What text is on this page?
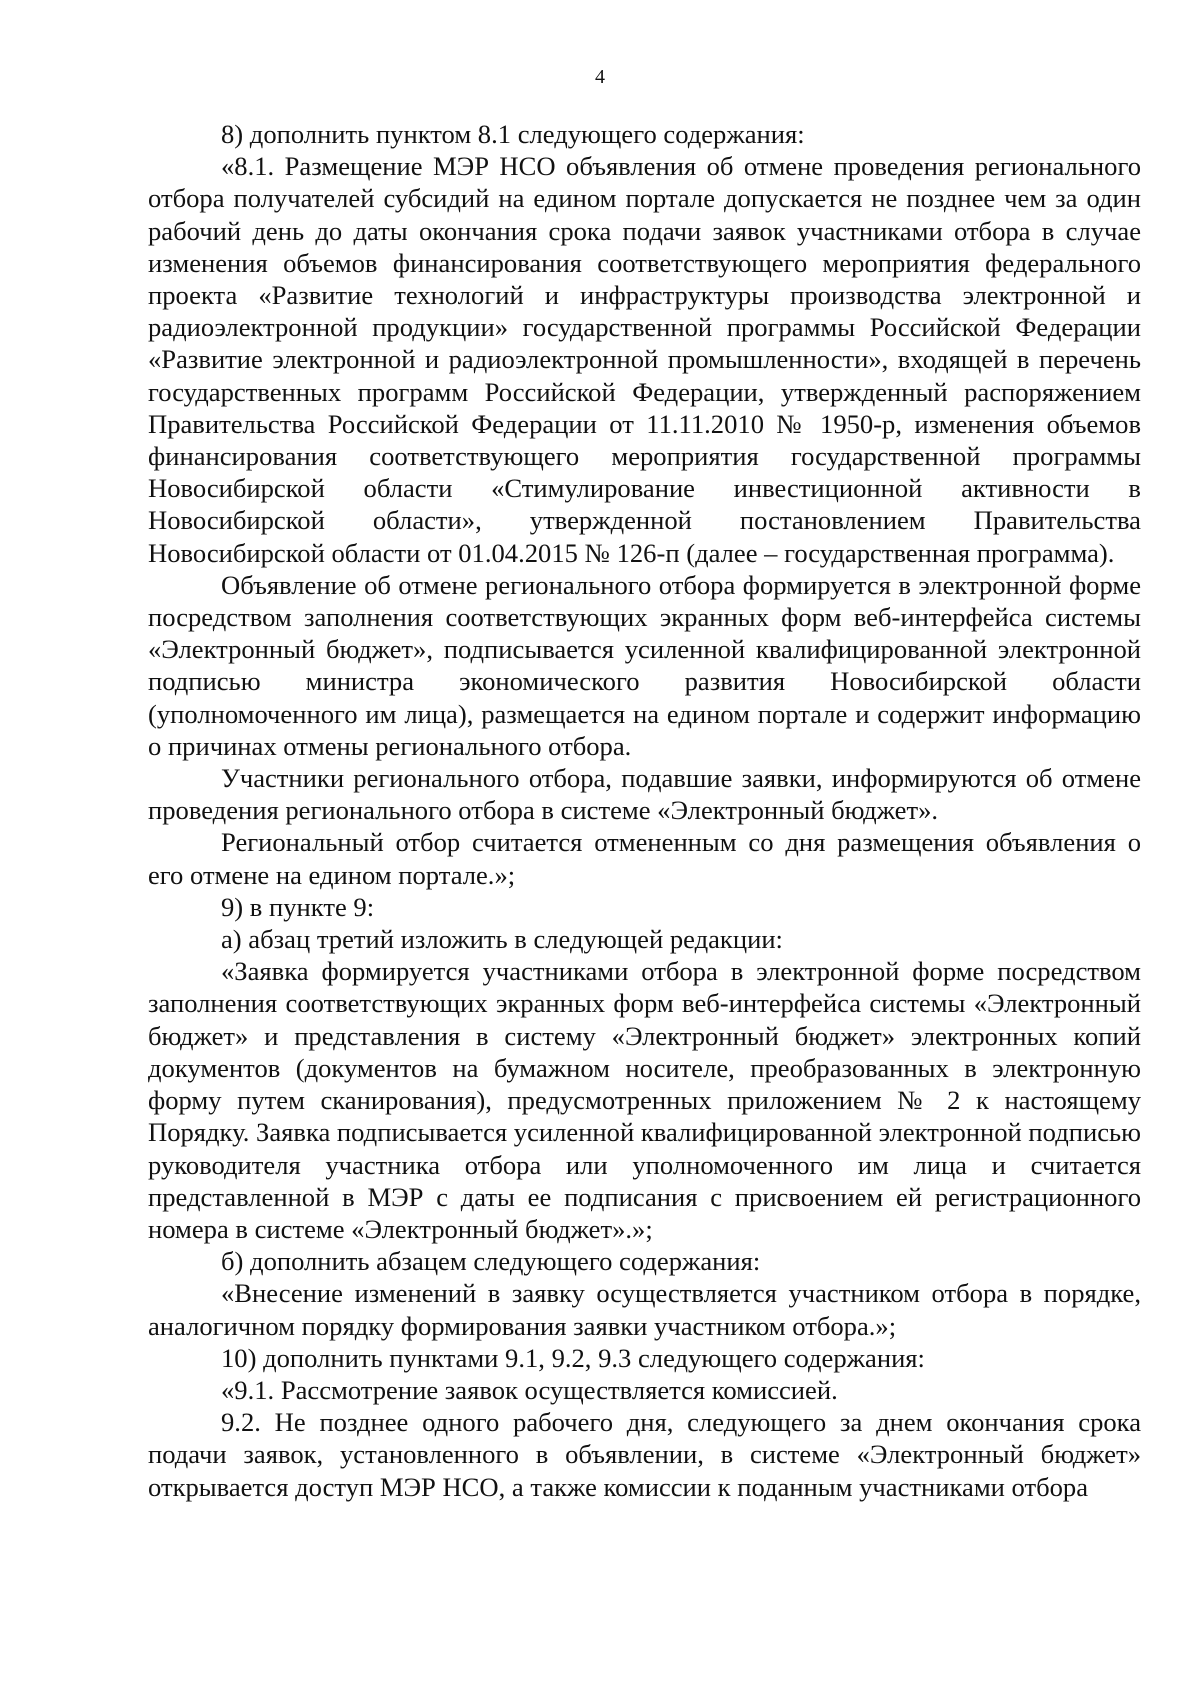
4

8) дополнить пунктом 8.1 следующего содержания:

«8.1. Размещение МЭР НСО объявления об отмене проведения регионального отбора получателей субсидий на едином портале допускается не позднее чем за один рабочий день до даты окончания срока подачи заявок участниками отбора в случае изменения объемов финансирования соответствующего мероприятия федерального проекта «Развитие технологий и инфраструктуры производства электронной и радиоэлектронной продукции» государственной программы Российской Федерации «Развитие электронной и радиоэлектронной промышленности», входящей в перечень государственных программ Российской Федерации, утвержденный распоряжением Правительства Российской Федерации от 11.11.2010 № 1950-р, изменения объемов финансирования соответствующего мероприятия государственной программы Новосибирской области «Стимулирование инвестиционной активности в Новосибирской области», утвержденной постановлением Правительства Новосибирской области от 01.04.2015 № 126-п (далее – государственная программа).

Объявление об отмене регионального отбора формируется в электронной форме посредством заполнения соответствующих экранных форм веб-интерфейса системы «Электронный бюджет», подписывается усиленной квалифицированной электронной подписью министра экономического развития Новосибирской области (уполномоченного им лица), размещается на едином портале и содержит информацию о причинах отмены регионального отбора.

Участники регионального отбора, подавшие заявки, информируются об отмене проведения регионального отбора в системе «Электронный бюджет».

Региональный отбор считается отмененным со дня размещения объявления о его отмене на едином портале.»;

9) в пункте 9:

а) абзац третий изложить в следующей редакции:

«Заявка формируется участниками отбора в электронной форме посредством заполнения соответствующих экранных форм веб-интерфейса системы «Электронный бюджет» и представления в систему «Электронный бюджет» электронных копий документов (документов на бумажном носителе, преобразованных в электронную форму путем сканирования), предусмотренных приложением № 2 к настоящему Порядку. Заявка подписывается усиленной квалифицированной электронной подписью руководителя участника отбора или уполномоченного им лица и считается представленной в МЭР с даты ее подписания с присвоением ей регистрационного номера в системе «Электронный бюджет».»;

б) дополнить абзацем следующего содержания:

«Внесение изменений в заявку осуществляется участником отбора в порядке, аналогичном порядку формирования заявки участником отбора.»;

10) дополнить пунктами 9.1, 9.2, 9.3 следующего содержания:

«9.1. Рассмотрение заявок осуществляется комиссией.

9.2. Не позднее одного рабочего дня, следующего за днем окончания срока подачи заявок, установленного в объявлении, в системе «Электронный бюджет» открывается доступ МЭР НСО, а также комиссии к поданным участниками отбора
